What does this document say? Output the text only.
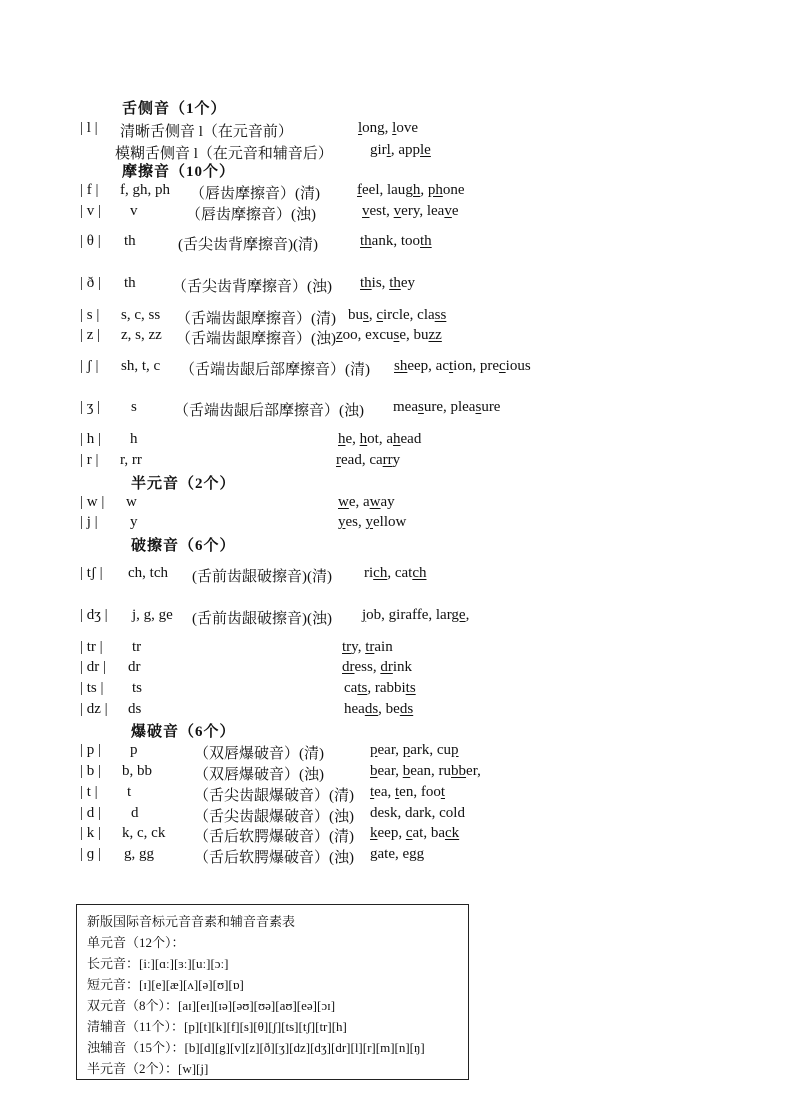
舌侧音（1个）
摩擦音（10个）
半元音（2个）
破擦音（6个）
爆破音（6个）
| l | 清晰舌侧音 l（在元音前）	long, love
模糊舌侧音 l（在元音和辅音后） girl, apple
| f | f, gh, ph （唇齿摩擦音）(清) feel, laugh, phone
| v | v	（唇齿摩擦音）(浊)	vest, very, leave
| θ | th	(舌尖齿背摩擦音)(清)	thank, tooth
| ð | th （舌尖齿背摩擦音）(浊) this, they
| s | s, c, ss （舌端齿龈摩擦音）(清) bus, circle, class
| z | z, s, zz （舌端齿龈摩擦音）(浊) zoo, excuse, buzz
| ʃ | sh, t, c （舌端齿龈后部摩擦音）(清) sheep, action, precious
| ʒ | s （舌端齿龈后部摩擦音）(浊) measure, pleasure
| h | h	he, hot, ahead
| r | r, rr	read, carry
| w | w	we, away
| j | y	yes, yellow
| tʃ | ch, tch (舌前齿龈破擦音)(清) rich, catch
| dʒ | j, g, ge (舌前齿龈破擦音)(浊) job, giraffe, large,
| tr | tr	try, train
| dr | dr	dress, drink
| ts | ts	cats, rabbits
| dz | ds	heads, beds
| p | p	（双唇爆破音）(清)	pear, park, cup
| b | b, bb	（双唇爆破音）(浊)	bear, bean, rubber,
| t | t	（舌尖齿龈爆破音）(清) tea, ten, foot
| d | d	（舌尖齿龈爆破音）(浊) desk, dark, cold
| k | k, c, ck （舌后软腭爆破音）(清) keep, cat, back
| ɡ | g, gg	（舌后软腭爆破音）(浊) gate, egg
新版国际音标元音音素和辅音音素表
单元音（12个）：
长元音：[iː][ɑː][ɜː][uː][ɔː]
短元音：[ɪ][e][æ][ʌ][ə][ʊ][ɒ]
双元音（8个）：[aɪ][eɪ][ɪə][əʊ][ʊə][aʊ][eə][ɔɪ]
清辅音（11个）：[p][t][k][f][s][θ][ʃ][ts][tʃ][tr][h]
浊辅音（15个）：[b][d][g][v][z][ð][ʒ][dz][dʒ][dr][l][r][m][n][ŋ]
半元音（2个）：[w][j]
